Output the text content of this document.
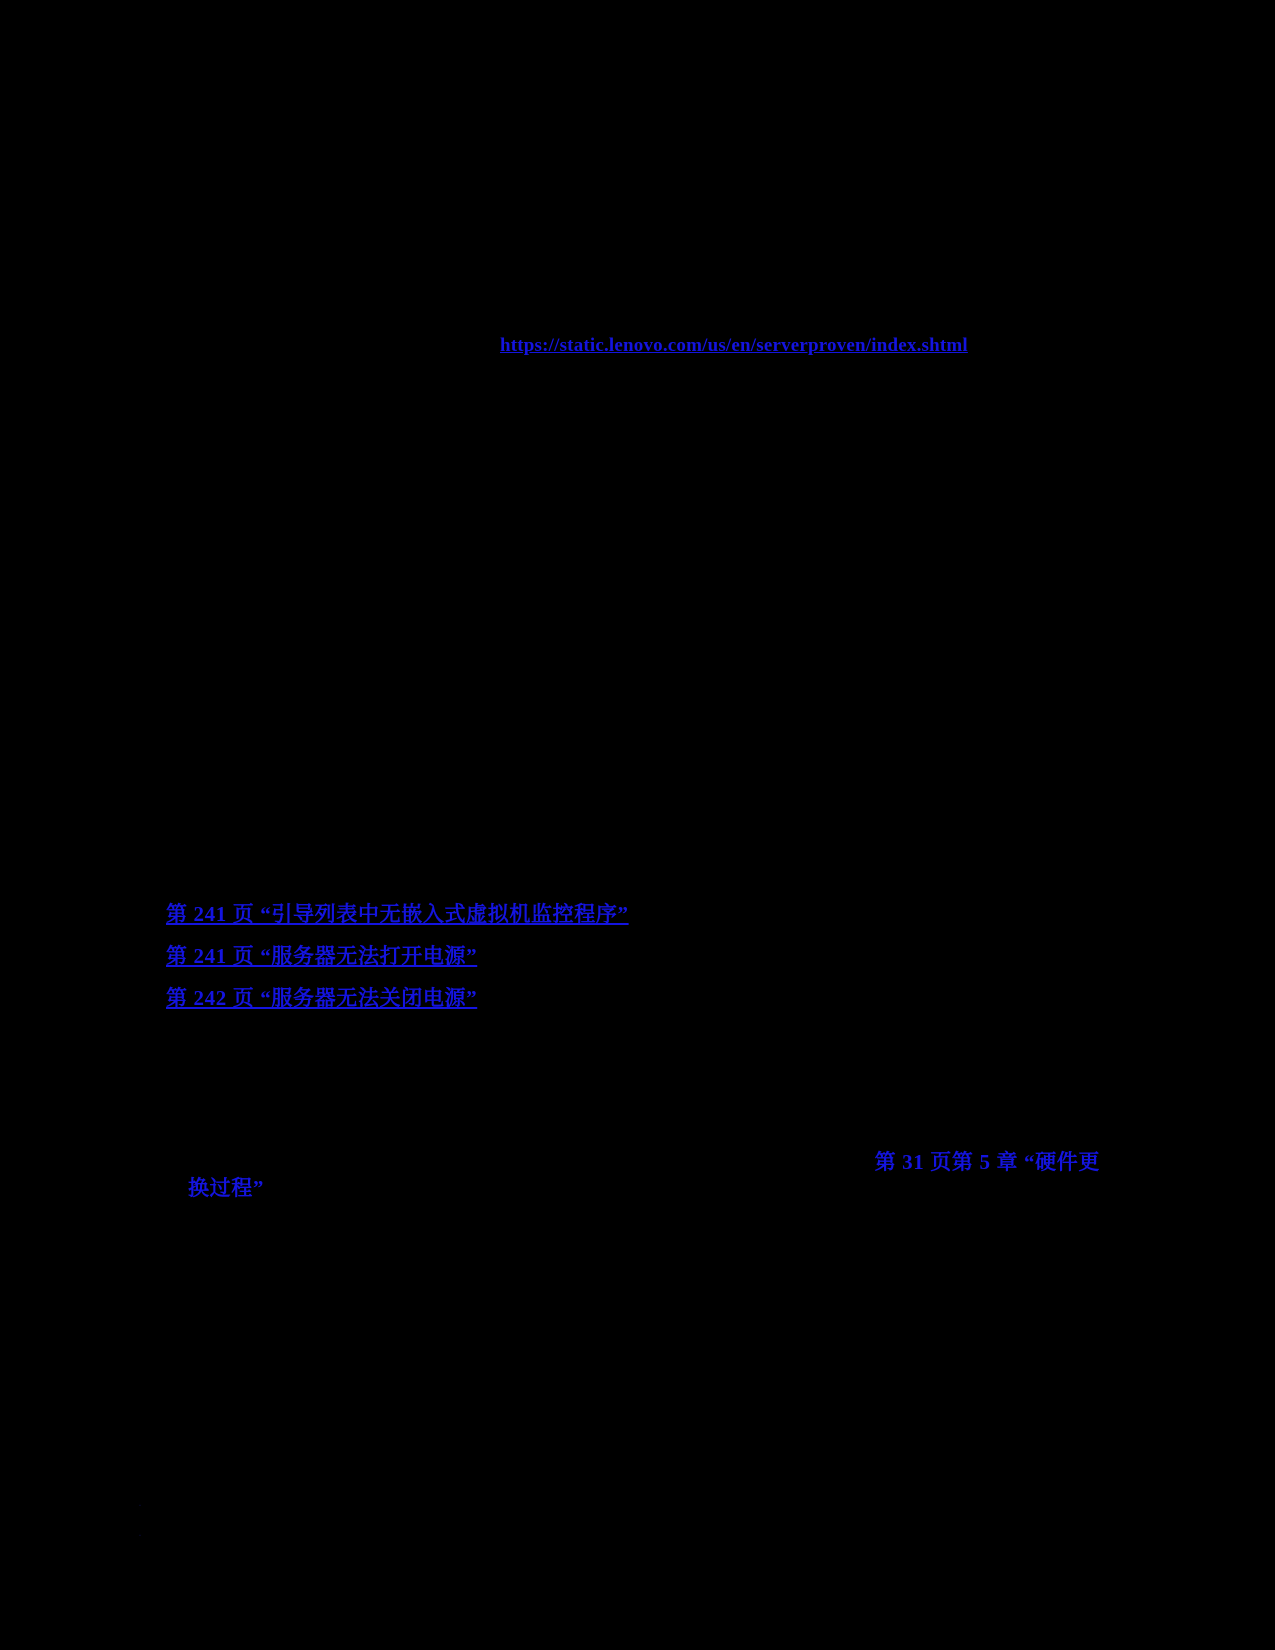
https://static.lenovo.com/us/en/serverproven/index.shtml
第 241 页 “引导列表中无嵌入式虚拟机监控程序”
第 241 页 “服务器无法打开电源”
第 242 页 “服务器无法关闭电源”
第 31 页第 5 章 “硬件更
换过程”
·
·
